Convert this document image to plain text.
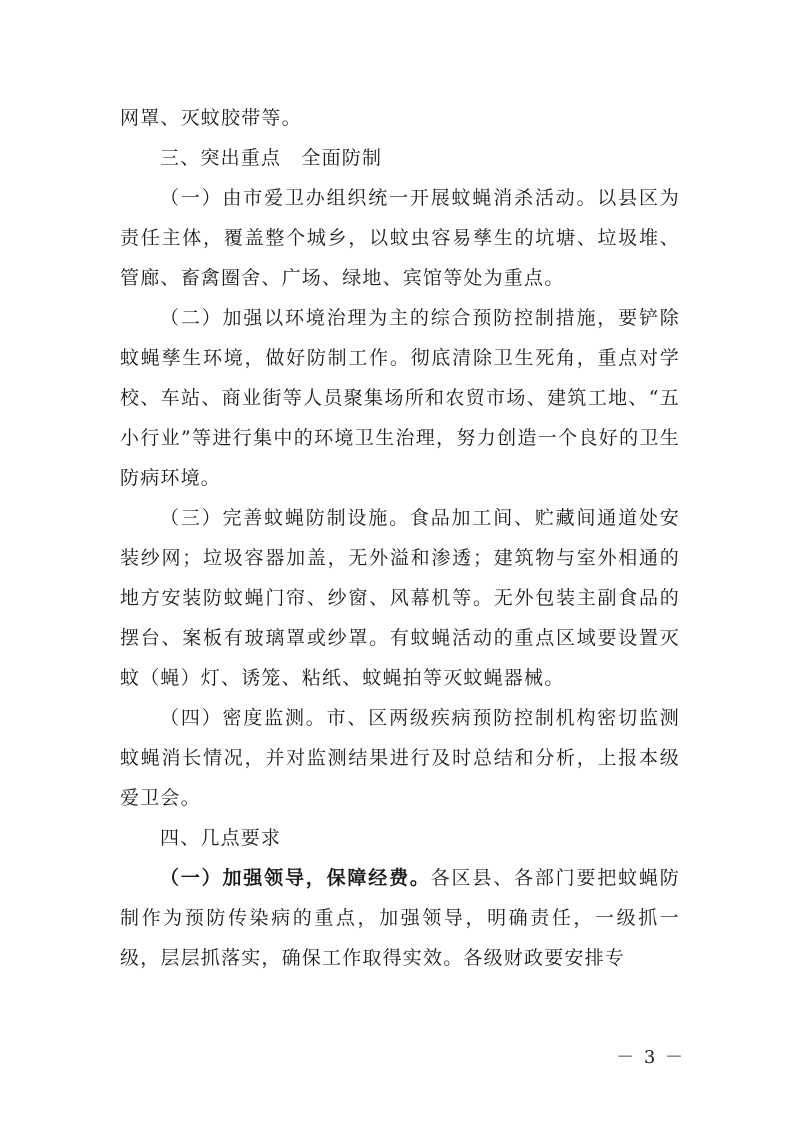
网罩、灭蚊胶带等。

三、突出重点　全面防制

（一）由市爱卫办组织统一开展蚊蝇消杀活动。以县区为责任主体，覆盖整个城乡，以蚊虫容易孳生的坑塘、垃圾堆、管廊、畜禽圈舍、广场、绿地、宾馆等处为重点。

（二）加强以环境治理为主的综合预防控制措施，要铲除蚊蝇孳生环境，做好防制工作。彻底清除卫生死角，重点对学校、车站、商业街等人员聚集场所和农贸市场、建筑工地、“五小行业”等进行集中的环境卫生治理，努力创造一个良好的卫生防病环境。

（三）完善蚊蝇防制设施。食品加工间、贮藏间通道处安装纱网；垃圾容器加盖，无外溢和渗透；建筑物与室外相通的地方安装防蚊蝇门帘、纱窗、风幕机等。无外包装主副食品的摆台、案板有玻璃罩或纱罩。有蚊蝇活动的重点区域要设置灭蚊（蝇）灯、诱笼、粘纸、蚊蝇拍等灭蚊蝇器械。

（四）密度监测。市、区两级疾病预防控制机构密切监测蚊蝇消长情况，并对监测结果进行及时总结和分析，上报本级爱卫会。

四、几点要求

（一）加强领导，保障经费。各区县、各部门要把蚊蝇防制作为预防传染病的重点，加强领导，明确责任，一级抓一级，层层抓落实，确保工作取得实效。各级财政要安排专

－ 3 －
